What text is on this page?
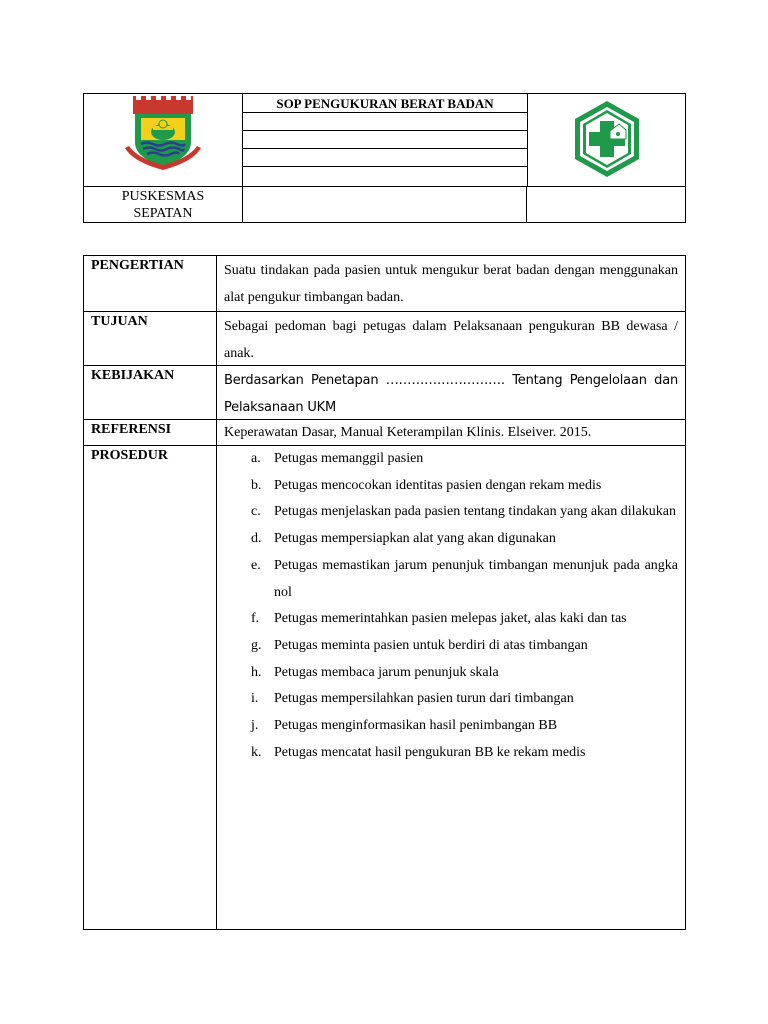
PUSKESMAS
SEPATAN
SOP PENGUKURAN BERAT BADAN
PENGERTIAN	Suatu tindakan pada pasien untuk mengukur berat badan dengan menggunakan alat pengukur timbangan badan.
TUJUAN	Sebagai pedoman bagi petugas dalam Pelaksanaan pengukuran BB dewasa / anak.
KEBIJAKAN	Berdasarkan Penetapan ………………………. Tentang Pengelolaan dan Pelaksanaan UKM
REFERENSI	Keperawatan Dasar, Manual Keterampilan Klinis. Elseiver. 2015.
PROSEDUR	a. Petugas memanggil pasien
b. Petugas mencocokan identitas pasien dengan rekam medis
c. Petugas menjelaskan pada pasien tentang tindakan yang akan dilakukan
d. Petugas mempersiapkan alat yang akan digunakan
e. Petugas memastikan jarum penunjuk timbangan menunjuk pada angka nol
f. Petugas memerintahkan pasien melepas jaket, alas kaki dan tas
g. Petugas meminta pasien untuk berdiri di atas timbangan
h. Petugas membaca jarum penunjuk skala
i. Petugas mempersilahkan pasien turun dari timbangan
j. Petugas menginformasikan hasil penimbangan BB
k. Petugas mencatat hasil pengukuran BB ke rekam medis
